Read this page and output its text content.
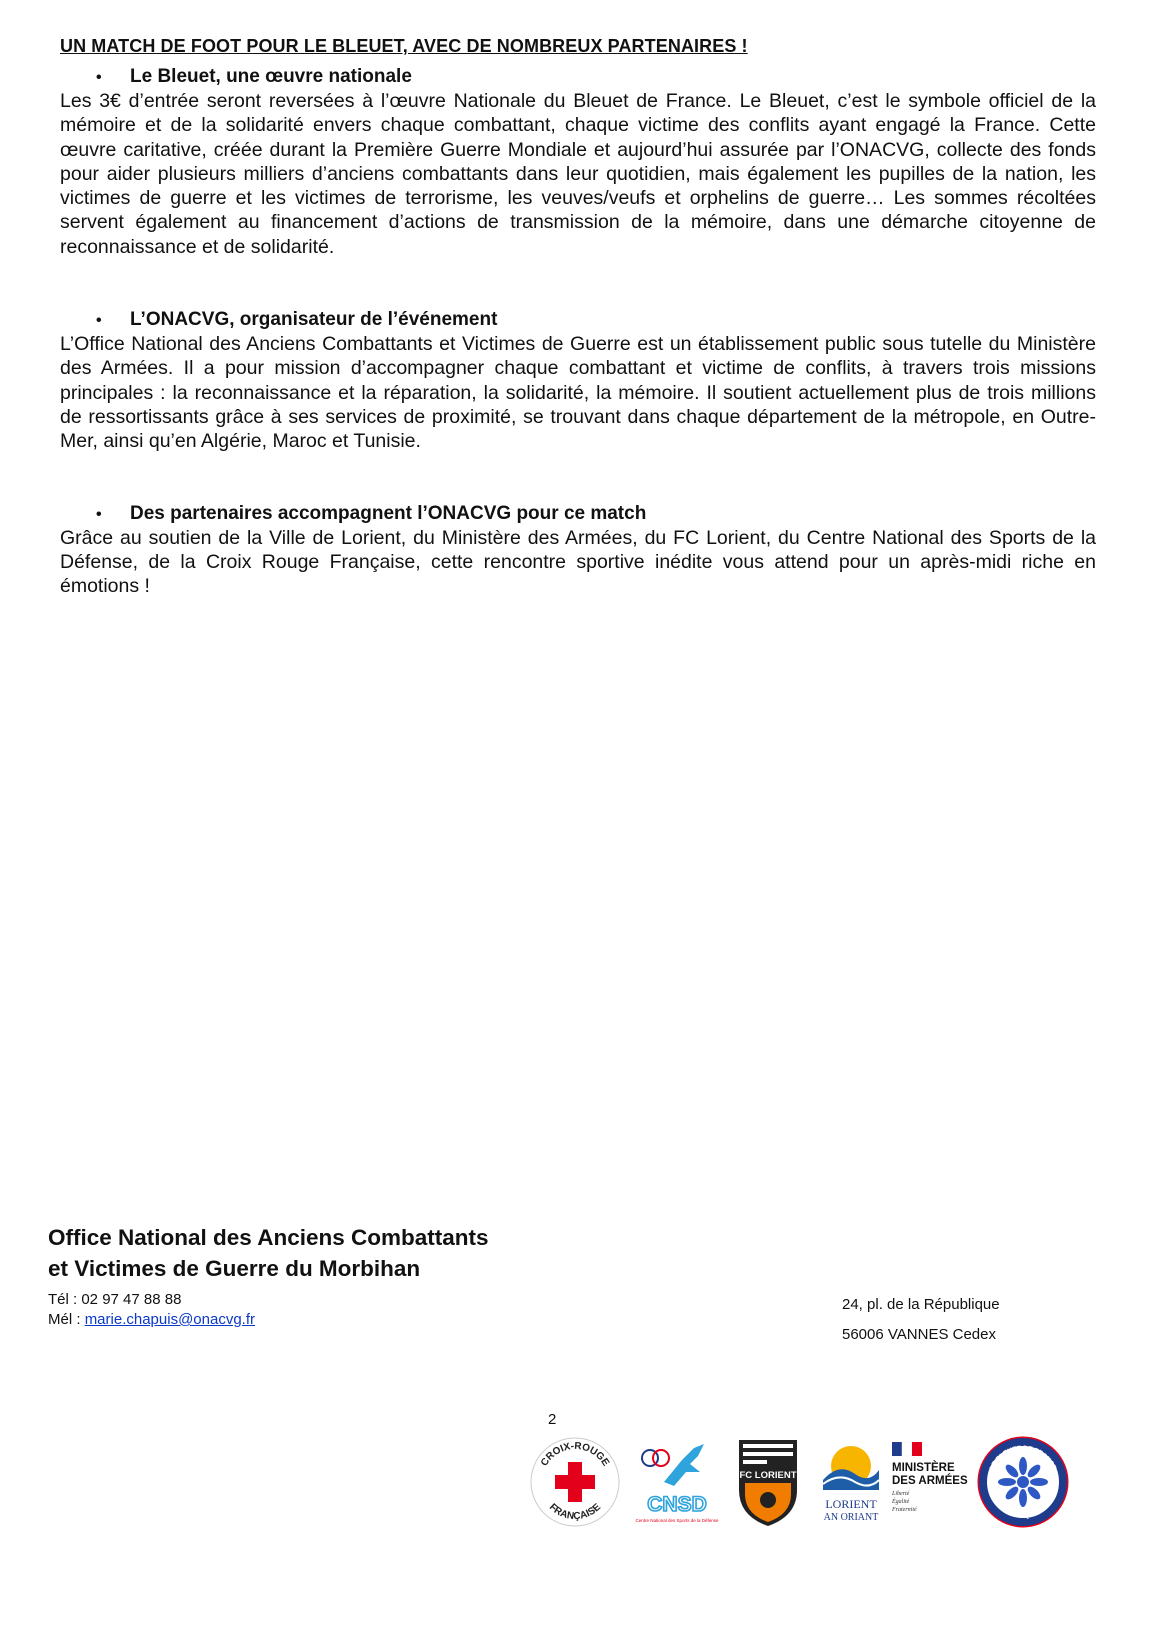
UN MATCH DE FOOT POUR LE BLEUET, AVEC DE NOMBREUX PARTENAIRES !
•	Le Bleuet, une œuvre nationale

Les 3€ d’entrée seront reversées à l’œuvre Nationale du Bleuet de France. Le Bleuet, c’est le symbole officiel de la mémoire et de la solidarité envers chaque combattant, chaque victime des conflits ayant engagé la France. Cette œuvre caritative, créée durant la Première Guerre Mondiale et aujourd’hui assurée par l’ONACVG, collecte des fonds pour aider plusieurs milliers d’anciens combattants dans leur quotidien, mais également les pupilles de la nation, les victimes de guerre et les victimes de terrorisme, les veuves/veufs et orphelins de guerre… Les sommes récoltées servent également au financement d’actions de transmission de la mémoire, dans une démarche citoyenne de reconnaissance et de solidarité.

•	L’ONACVG, organisateur de l’événement

L’Office National des Anciens Combattants et Victimes de Guerre est un établissement public sous tutelle du Ministère des Armées. Il a pour mission d’accompagner chaque combattant et victime de conflits, à travers trois missions principales : la reconnaissance et la réparation, la solidarité, la mémoire. Il soutient actuellement plus de trois millions de ressortissants grâce à ses services de proximité, se trouvant dans chaque département de la métropole, en Outre-Mer, ainsi qu’en Algérie, Maroc et Tunisie.

•	Des partenaires accompagnent l’ONACVG pour ce match

Grâce au soutien de la Ville de Lorient, du Ministère des Armées, du FC Lorient, du Centre National des Sports de la Défense, de la Croix Rouge Française, cette rencontre sportive inédite vous attend pour un après-midi riche en émotions !

Office National des Anciens Combattants
et Victimes de Guerre du Morbihan
Tél : 02 97 47 88 88
Mél : marie.chapuis@onacvg.fr
24, pl. de la République
56006 VANNES Cedex
2
CROIX-ROUGE
FRANÇAISE CNSD
Centre National des Sports de la Défense
FC LORIENT
LORIENT
AN ORIANT
MINISTÈRE
DES ARMÉES
Liberté
Égalité
Fraternité
LE BLEUET DE FRANCE
AIDONS CEUX QUI RESTENT
